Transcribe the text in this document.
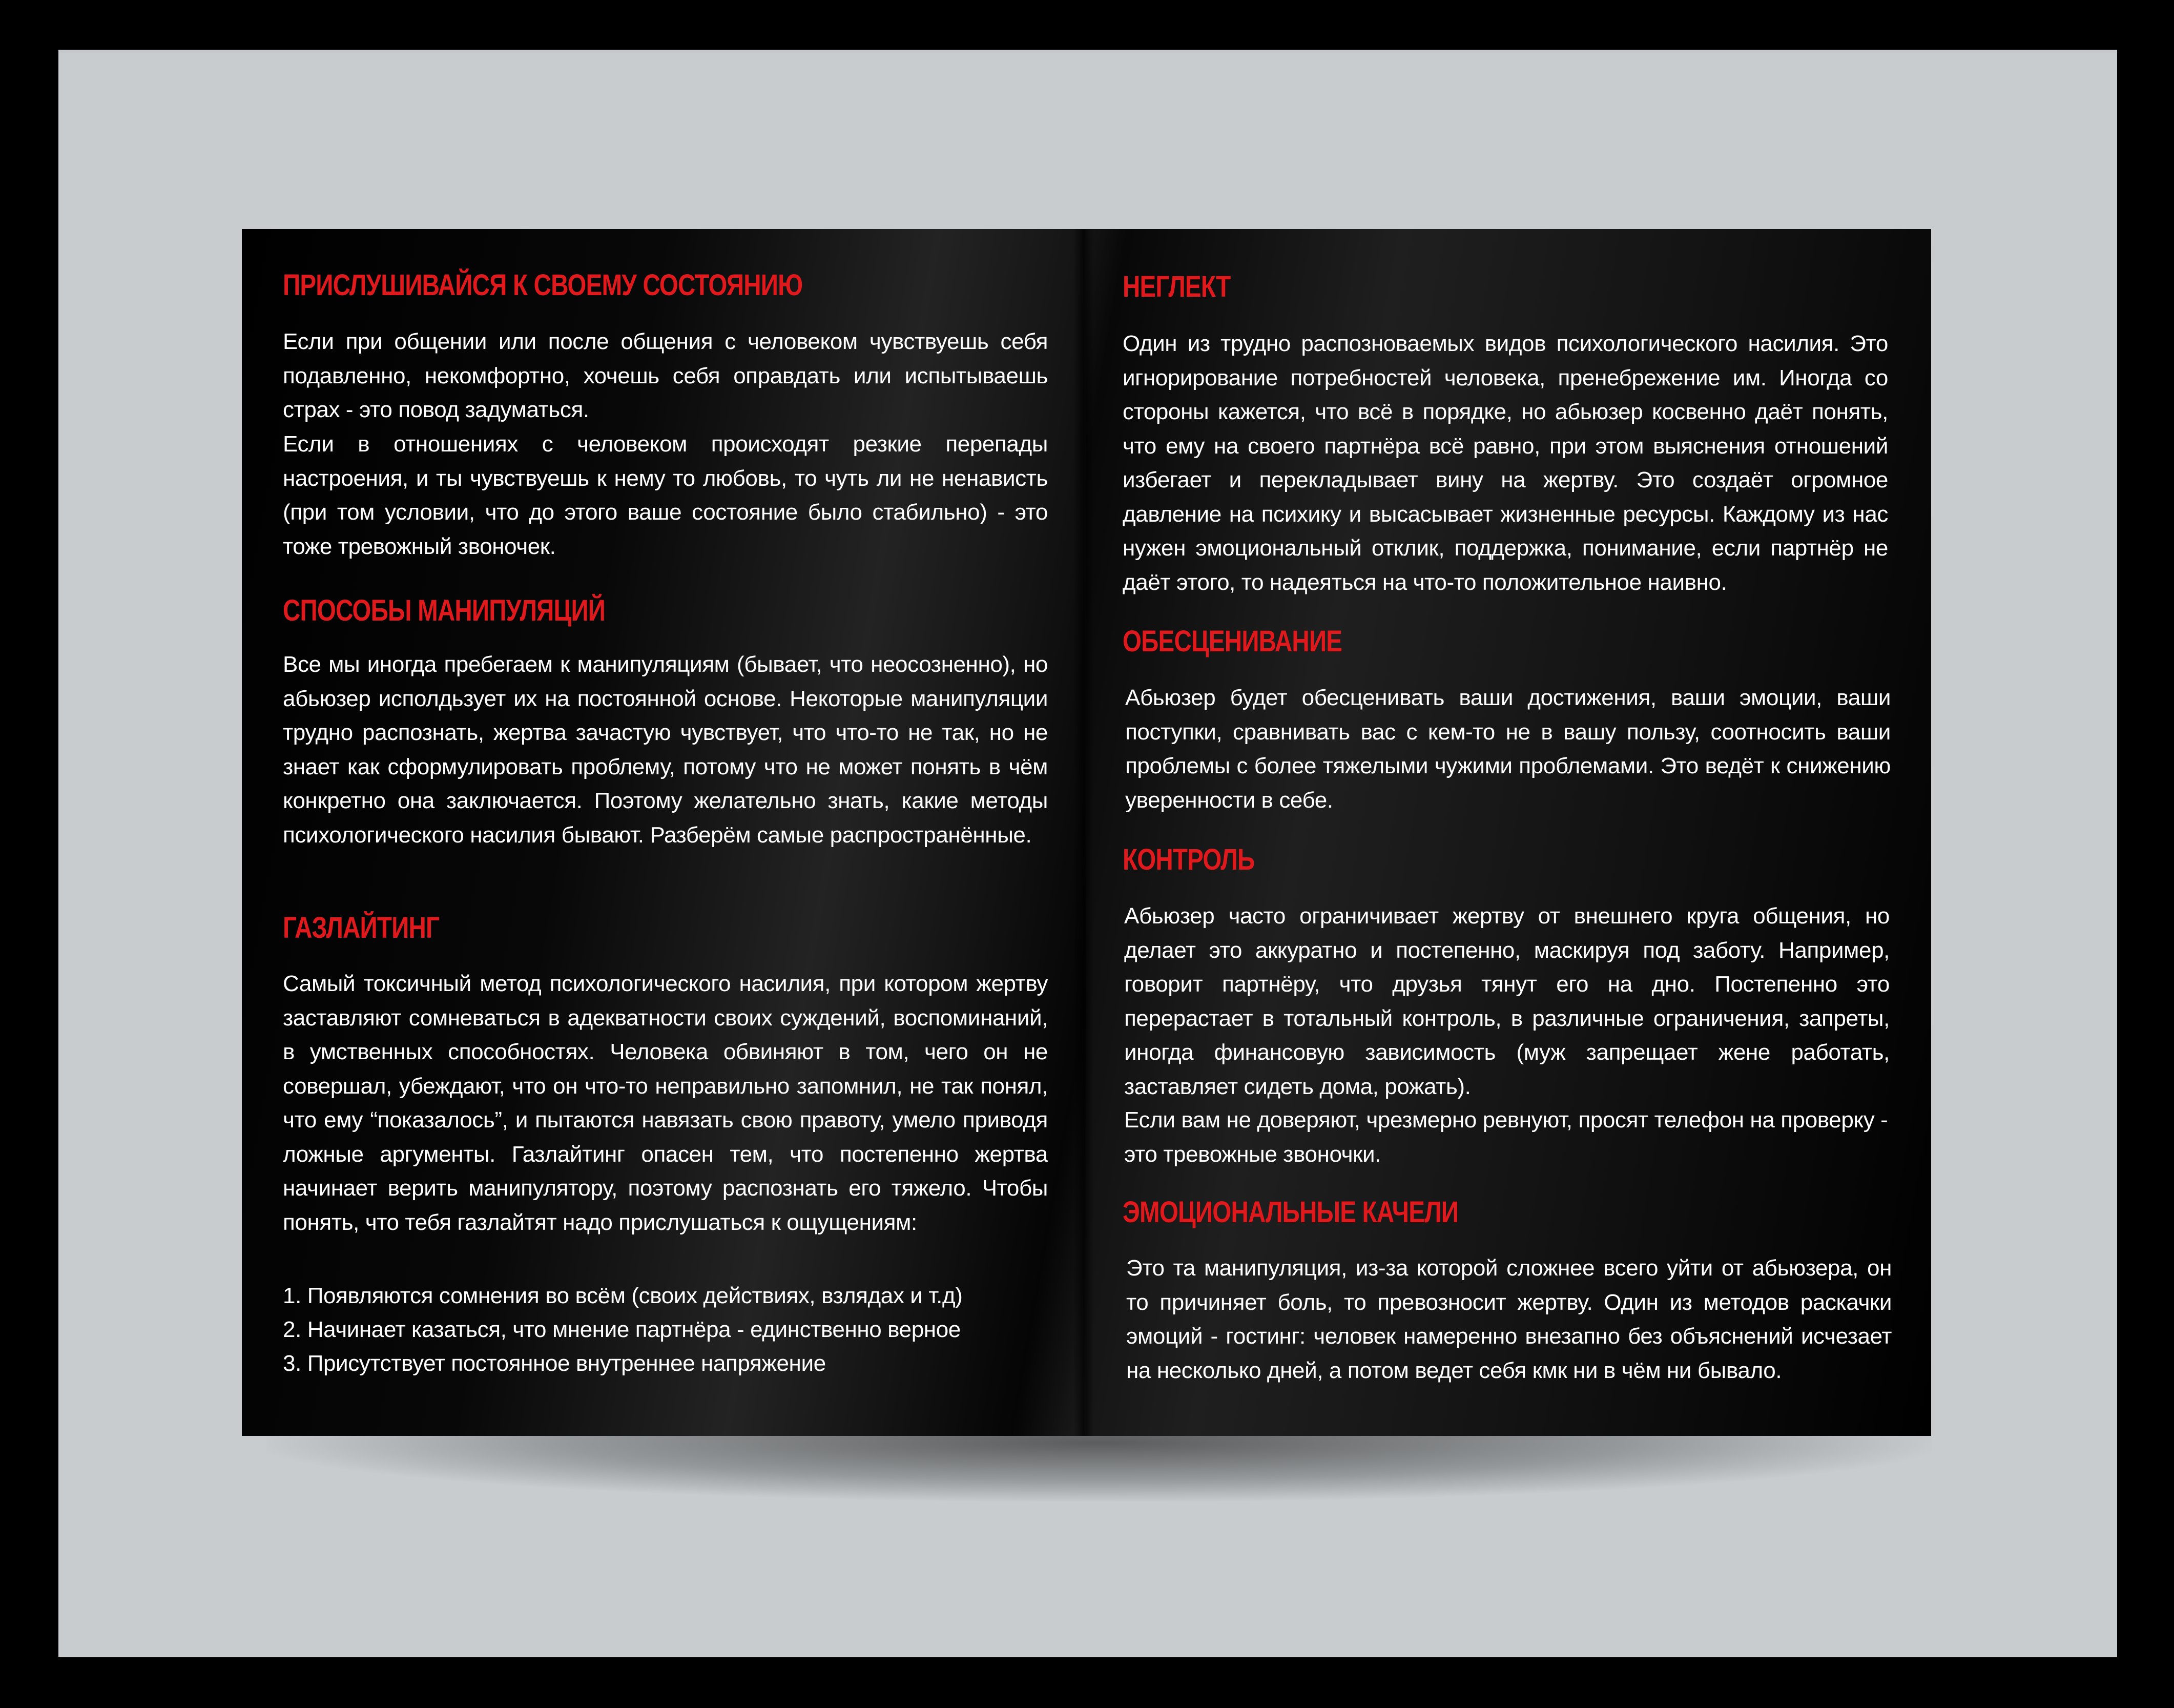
ПРИСЛУШИВАЙСЯ К СВОЕМУ СОСТОЯНИЮ

Если при общении или после общения с человеком чувствуешь себя подавленно, некомфортно, хочешь себя оправдать или испытываешь страх - это повод задуматься.

Если в отношениях с человеком происходят резкие перепады настроения, и ты чувствуешь к нему то любовь, то чуть ли не ненависть (при том условии, что до этого ваше состояние было стабильно) - это тоже тревожный звоночек.

СПОСОБЫ МАНИПУЛЯЦИЙ

Все мы иногда пребегаем к манипуляциям (бывает, что неосозненно), но абьюзер исполдьзует их на постоянной основе. Некоторые манипуляции трудно распознать, жертва зачастую чувствует, что что-то не так, но не знает как сформулировать проблему, потому что не может понять в чём конкретно она заключается. Поэтому желательно знать, какие методы психологического насилия бывают. Разберём самые распространённые.

ГАЗЛАЙТИНГ

Самый токсичный метод психологического насилия, при котором жертву заставляют сомневаться в адекватности своих суждений, воспоминаний, в умственных способностях. Человека обвиняют в том, чего он не совершал, убеждают, что он что-то неправильно запомнил, не так понял, что ему “показалось”, и пытаются навязать свою правоту, умело приводя ложные аргументы. Газлайтинг опасен тем, что постепенно жертва начинает верить манипулятору, поэтому распознать его тяжело. Чтобы понять, что тебя газлайтят надо прислушаться к ощущениям:

1. Появляются сомнения во всём (своих действиях, взлядах и т.д)
2. Начинает казаться, что мнение партнёра - единственно верное
3. Присутствует постоянное внутреннее напряжение
НЕГЛЕКТ

Один из трудно распозноваемых видов психологического насилия. Это игнорирование потребностей человека, пренебрежение им. Иногда со стороны кажется, что всё в порядке, но абьюзер косвенно даёт понять, что ему на своего партнёра всё равно, при этом выяснения отношений избегает и перекладывает вину на жертву. Это создаёт огромное давление на психику и высасывает жизненные ресурсы. Каждому из нас нужен эмоциональный отклик, поддержка, понимание, если партнёр не даёт этого, то надеяться на что-то положительное наивно.

ОБЕСЦЕНИВАНИЕ

Абьюзер будет обесценивать ваши достижения, ваши эмоции, ваши поступки, сравнивать вас с кем-то не в вашу пользу, соотносить ваши проблемы с более тяжелыми чужими проблемами. Это ведёт к снижению уверенности в себе.

КОНТРОЛЬ

Абьюзер часто ограничивает жертву от внешнего круга общения, но делает это аккуратно и постепенно, маскируя под заботу. Например, говорит партнёру, что друзья тянут его на дно. Постепенно это перерастает в тотальный контроль, в различные ограничения, запреты, иногда финансовую зависимость (муж запрещает жене работать, заставляет сидеть дома, рожать).

Если вам не доверяют, чрезмерно ревнуют, просят телефон на проверку - это тревожные звоночки.

ЭМОЦИОНАЛЬНЫЕ КАЧЕЛИ

Это та манипуляция, из-за которой сложнее всего уйти от абьюзера, он то причиняет боль, то превозносит жертву. Один из методов раскачки эмоций - гостинг: человек намеренно внезапно без объяснений исчезает на несколько дней, а потом ведет себя кмк ни в чём ни бывало.
